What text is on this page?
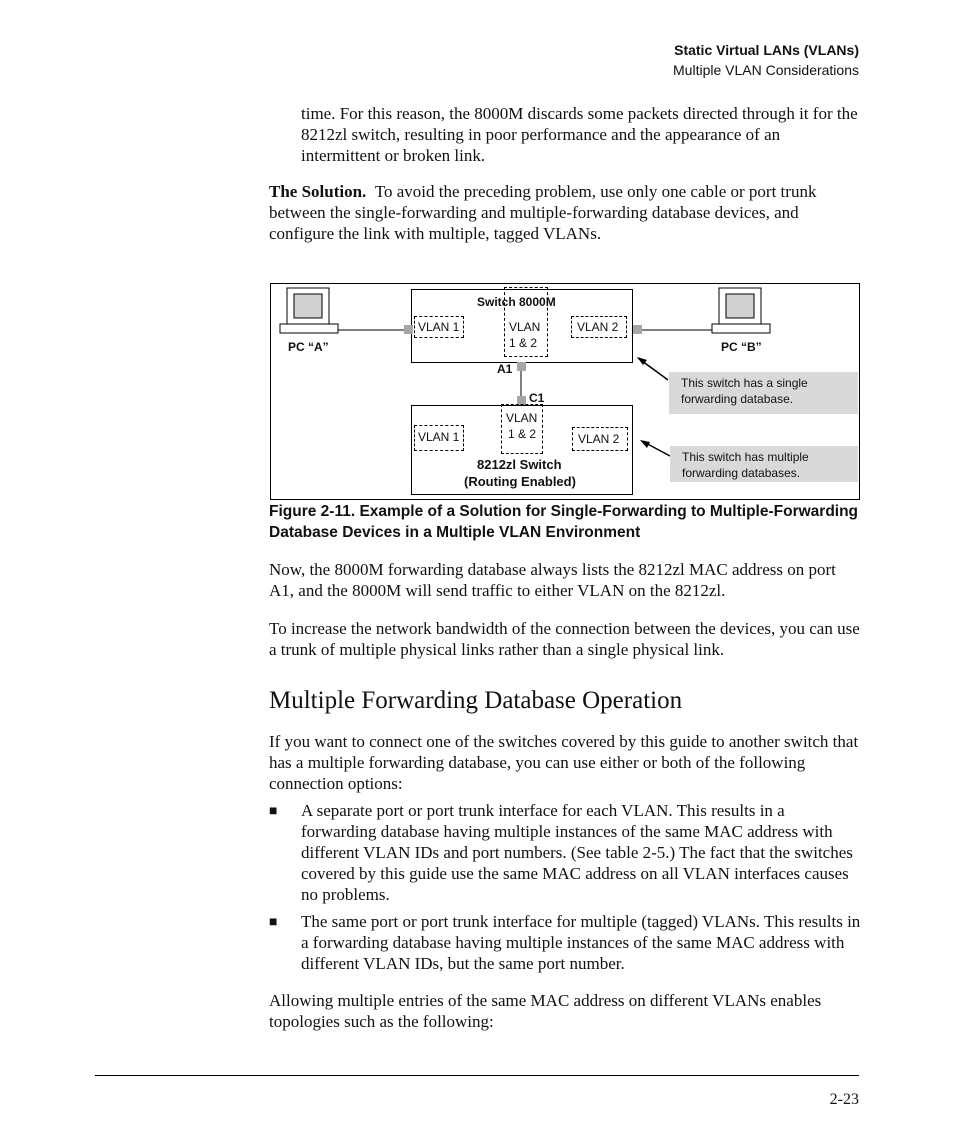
Static Virtual LANs (VLANs)
Multiple VLAN Considerations
time. For this reason, the 8000M discards some packets directed through it for the 8212zl switch, resulting in poor performance and the appearance of an intermittent or broken link.
The Solution. To avoid the preceding problem, use only one cable or port trunk between the single-forwarding and multiple-forwarding database devices, and configure the link with multiple, tagged VLANs.
Switch 8000M
VLAN 1	VLAN
1 & 2
VLAN 2
A1
C1
VLAN 1
VLAN
1 & 2	VLAN 2
8212zl Switch
(Routing Enabled)
PC “A”	PC “B”
This switch has a single forwarding database.
This switch has multiple forwarding databases.
Figure 2-11. Example of a Solution for Single-Forwarding to Multiple-Forwarding Database Devices in a Multiple VLAN Environment
Now, the 8000M forwarding database always lists the 8212zl MAC address on port A1, and the 8000M will send traffic to either VLAN on the 8212zl.
To increase the network bandwidth of the connection between the devices, you can use a trunk of multiple physical links rather than a single physical link.
Multiple Forwarding Database Operation
If you want to connect one of the switches covered by this guide to another switch that has a multiple forwarding database, you can use either or both of the following connection options:
■ A separate port or port trunk interface for each VLAN. This results in a forwarding database having multiple instances of the same MAC address with different VLAN IDs and port numbers. (See table 2-5.) The fact that the switches covered by this guide use the same MAC address on all VLAN interfaces causes no problems.
■ The same port or port trunk interface for multiple (tagged) VLANs. This results in a forwarding database having multiple instances of the same MAC address with different VLAN IDs, but the same port number.
Allowing multiple entries of the same MAC address on different VLANs enables topologies such as the following:
2-23
